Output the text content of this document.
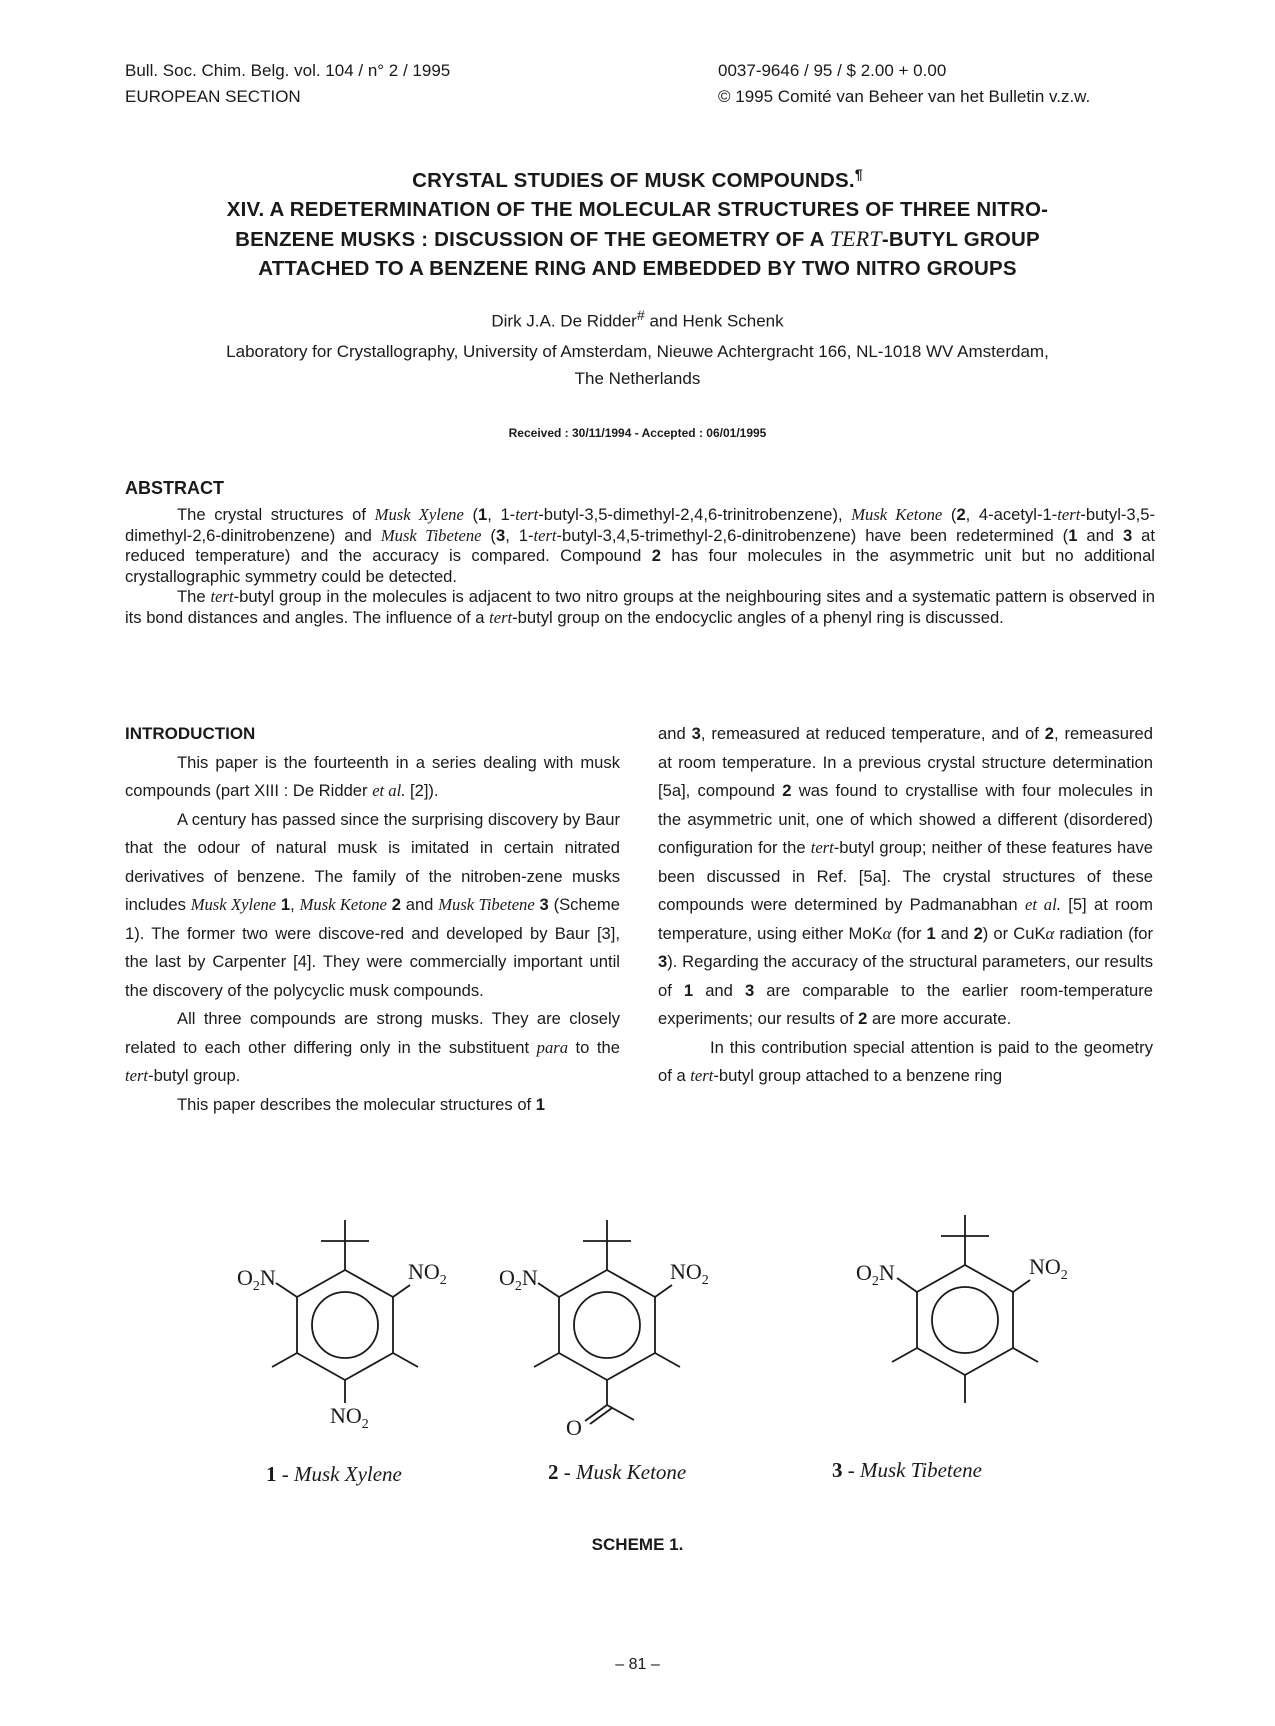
Bull. Soc. Chim. Belg. vol. 104 / n° 2 / 1995
EUROPEAN SECTION
0037-9646 / 95 / $ 2.00 + 0.00
© 1995 Comité van Beheer van het Bulletin v.z.w.
CRYSTAL STUDIES OF MUSK COMPOUNDS.¶
XIV. A REDETERMINATION OF THE MOLECULAR STRUCTURES OF THREE NITRO-
BENZENE MUSKS : DISCUSSION OF THE GEOMETRY OF A TERT-BUTYL GROUP
ATTACHED TO A BENZENE RING AND EMBEDDED BY TWO NITRO GROUPS
Dirk J.A. De Ridder# and Henk Schenk
Laboratory for Crystallography, University of Amsterdam, Nieuwe Achtergracht 166, NL-1018 WV Amsterdam,
The Netherlands
Received : 30/11/1994 - Accepted : 06/01/1995
ABSTRACT

The crystal structures of Musk Xylene (1, 1-tert-butyl-3,5-dimethyl-2,4,6-trinitrobenzene), Musk Ketone (2, 4-acetyl-1-tert-butyl-3,5-dimethyl-2,6-dinitrobenzene) and Musk Tibetene (3, 1-tert-butyl-3,4,5-trimethyl-2,6-dinitrobenzene) have been redetermined (1 and 3 at reduced temperature) and the accuracy is compared. Compound 2 has four molecules in the asymmetric unit but no additional crystallographic symmetry could be detected.

The tert-butyl group in the molecules is adjacent to two nitro groups at the neighbouring sites and a systematic pattern is observed in its bond distances and angles. The influence of a tert-butyl group on the endocyclic angles of a phenyl ring is discussed.

INTRODUCTION

This paper is the fourteenth in a series dealing with musk compounds (part XIII : De Ridder et al. [2]).

A century has passed since the surprising discovery by Baur that the odour of natural musk is imitated in certain nitrated derivatives of benzene. The family of the nitroben-zene musks includes Musk Xylene 1, Musk Ketone 2 and Musk Tibetene 3 (Scheme 1). The former two were discove-red and developed by Baur [3], the last by Carpenter [4]. They were commercially important until the discovery of the polycyclic musk compounds.

All three compounds are strong musks. They are closely related to each other differing only in the substituent para to the tert-butyl group.

This paper describes the molecular structures of 1

and 3, remeasured at reduced temperature, and of 2, remeasured at room temperature. In a previous crystal structure determination [5a], compound 2 was found to crystallise with four molecules in the asymmetric unit, one of which showed a different (disordered) configuration for the tert-butyl group; neither of these features have been discussed in Ref. [5a]. The crystal structures of these compounds were determined by Padmanabhan et al. [5] at room temperature, using either MoKα (for 1 and 2) or CuKα radiation (for 3). Regarding the accuracy of the structural parameters, our results of 1 and 3 are comparable to the earlier room-temperature experiments; our results of 2 are more accurate.

In this contribution special attention is paid to the geometry of a tert-butyl group attached to a benzene ring

$O_2N$	$NO_2$
$NO_2$
$O_2N$	$NO_2$
O
$O_2N$	$NO_2$
1 - Musk Xylene	2 - Musk Ketone	3 - Musk Tibetene
SCHEME 1.
– 81 –
